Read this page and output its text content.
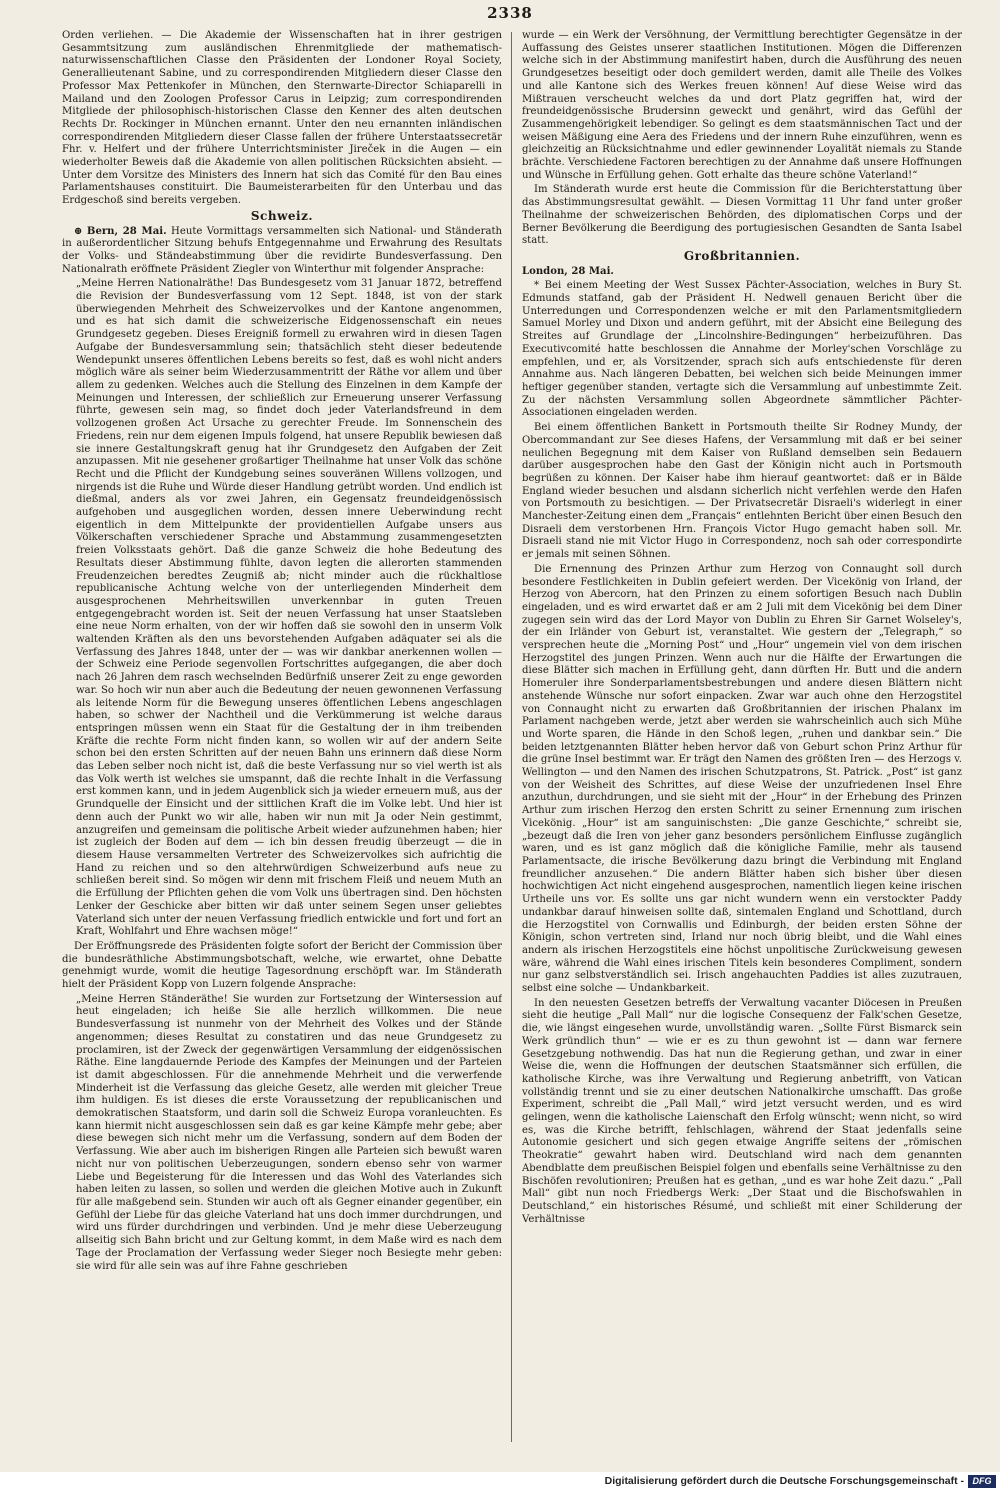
2338

Orden verliehen. — Die Akademie der Wissenschaften hat in ihrer gestrigen Gesammtsitzung zum ausländischen Ehrenmitgliede der mathematisch-naturwissenschaftlichen Classe den Präsidenten der Londoner Royal Society, Generallieutenant Sabine, und zu correspondirenden Mitgliedern dieser Classe den Professor Max Pettenkofer in München, den Sternwarte-Director Schiaparelli in Mailand und den Zoologen Professor Carus in Leipzig; zum correspondirenden Mitgliede der philosophisch-historischen Classe den Kenner des alten deutschen Rechts Dr. Rockinger in München ernannt. Unter den neu ernannten inländischen correspondirenden Mitgliedern dieser Classe fallen der frühere Unterstaatssecretär Fhr. v. Helfert und der frühere Unterrichtsminister Jireček in die Augen — ein wiederholter Beweis daß die Akademie von allen politischen Rücksichten absieht. — Unter dem Vorsitze des Ministers des Innern hat sich das Comité für den Bau eines Parlamentshauses constituirt. Die Baumeisterarbeiten für den Unterbau und das Erdgeschoß sind bereits vergeben.

Schweiz.

⊕ Bern, 28 Mai. Heute Vormittags versammelten sich National- und Ständerath in außerordentlicher Sitzung behufs Entgegennahme und Erwahrung des Resultats der Volks- und Ständeabstimmung über die revidirte Bundesverfassung. Den Nationalrath eröffnete Präsident Ziegler von Winterthur mit folgender Ansprache:

„Meine Herren Nationalräthe! Das Bundesgesetz vom 31 Januar 1872, betreffend die Revision der Bundesverfassung vom 12 Sept. 1848, ist von der stark überwiegenden Mehrheit des Schweizervolkes und der Kantone angenommen, und es hat sich damit die schweizerische Eidgenossenschaft ein neues Grundgesetz gegeben. Dieses Ereigniß formell zu erwahren wird in diesen Tagen Aufgabe der Bundesversammlung sein; thatsächlich steht dieser bedeutende Wendepunkt unseres öffentlichen Lebens bereits so fest, daß es wohl nicht anders möglich wäre als seiner beim Wiederzusammentritt der Räthe vor allem und über allem zu gedenken. Welches auch die Stellung des Einzelnen in dem Kampfe der Meinungen und Interessen, der schließlich zur Erneuerung unserer Verfassung führte, gewesen sein mag, so findet doch jeder Vaterlandsfreund in dem vollzogenen großen Act Ursache zu gerechter Freude. Im Sonnenschein des Friedens, rein nur dem eigenen Impuls folgend, hat unsere Republik bewiesen daß sie innere Gestaltungskraft genug hat ihr Grundgesetz den Aufgaben der Zeit anzupassen. Mit nie gesehener großartiger Theilnahme hat unser Volk das schöne Recht und die Pflicht der Kundgebung seines souveränen Willens vollzogen, und nirgends ist die Ruhe und Würde dieser Handlung getrübt worden. Und endlich ist dießmal, anders als vor zwei Jahren, ein Gegensatz freundeidgenössisch aufgehoben und ausgeglichen worden, dessen innere Ueberwindung recht eigentlich in dem Mittelpunkte der providentiellen Aufgabe unsers aus Völkerschaften verschiedener Sprache und Abstammung zusammengesetzten freien Volksstaats gehört. Daß die ganze Schweiz die hohe Bedeutung des Resultats dieser Abstimmung fühlte, davon legten die allerorten stammenden Freudenzeichen beredtes Zeugniß ab; nicht minder auch die rückhaltlose republicanische Achtung welche von der unterliegenden Minderheit dem ausgesprochenen Mehrheitswillen unverkennbar in guten Treuen entgegengebracht worden ist. Seit der neuen Verfassung hat unser Staatsleben eine neue Norm erhalten, von der wir hoffen daß sie sowohl den in unserm Volk waltenden Kräften als den uns bevorstehenden Aufgaben adäquater sei als die Verfassung des Jahres 1848, unter der — was wir dankbar anerkennen wollen — der Schweiz eine Periode segenvollen Fortschrittes aufgegangen, die aber doch nach 26 Jahren dem rasch wechselnden Bedürfniß unserer Zeit zu enge geworden war. So hoch wir nun aber auch die Bedeutung der neuen gewonnenen Verfassung als leitende Norm für die Bewegung unseres öffentlichen Lebens angeschlagen haben, so schwer der Nachtheil und die Verkümmerung ist welche daraus entspringen müssen wenn ein Staat für die Gestaltung der in ihm treibenden Kräfte die rechte Form nicht finden kann, so wollen wir auf der andern Seite schon bei den ersten Schritten auf der neuen Bahn uns erinnern daß diese Norm das Leben selber noch nicht ist, daß die beste Verfassung nur so viel werth ist als das Volk werth ist welches sie umspannt, daß die rechte Inhalt in die Verfassung erst kommen kann, und in jedem Augenblick sich ja wieder erneuern muß, aus der Grundquelle der Einsicht und der sittlichen Kraft die im Volke lebt. Und hier ist denn auch der Punkt wo wir alle, haben wir nun mit Ja oder Nein gestimmt, anzugreifen und gemeinsam die politische Arbeit wieder aufzunehmen haben; hier ist zugleich der Boden auf dem — ich bin dessen freudig überzeugt — die in diesem Hause versammelten Vertreter des Schweizervolkes sich aufrichtig die Hand zu reichen und so den altehrwürdigen Schweizerbund aufs neue zu schließen bereit sind. So mögen wir denn mit frischem Fleiß und neuem Muth an die Erfüllung der Pflichten gehen die vom Volk uns übertragen sind. Den höchsten Lenker der Geschicke aber bitten wir daß unter seinem Segen unser geliebtes Vaterland sich unter der neuen Verfassung friedlich entwickle und fort und fort an Kraft, Wohlfahrt und Ehre wachsen möge!“

Der Eröffnungsrede des Präsidenten folgte sofort der Bericht der Commission über die bundesräthliche Abstimmungsbotschaft, welche, wie erwartet, ohne Debatte genehmigt wurde, womit die heutige Tagesordnung erschöpft war. Im Ständerath hielt der Präsident Kopp von Luzern folgende Ansprache:

„Meine Herren Ständeräthe! Sie wurden zur Fortsetzung der Wintersession auf heut eingeladen; ich heiße Sie alle herzlich willkommen. Die neue Bundesverfassung ist nunmehr von der Mehrheit des Volkes und der Stände angenommen; dieses Resultat zu constatiren und das neue Grundgesetz zu proclamiren, ist der Zweck der gegenwärtigen Versammlung der eidgenössischen Räthe. Eine langdauernde Periode des Kampfes der Meinungen und der Parteien ist damit abgeschlossen. Für die annehmende Mehrheit und die verwerfende Minderheit ist die Verfassung das gleiche Gesetz, alle werden mit gleicher Treue ihm huldigen. Es ist dieses die erste Voraussetzung der republicanischen und demokratischen Staatsform, und darin soll die Schweiz Europa voranleuchten. Es kann hiermit nicht ausgeschlossen sein daß es gar keine Kämpfe mehr gebe; aber diese bewegen sich nicht mehr um die Verfassung, sondern auf dem Boden der Verfassung. Wie aber auch im bisherigen Ringen alle Parteien sich bewußt waren nicht nur von politischen Ueberzeugungen, sondern ebenso sehr von warmer Liebe und Begeisterung für die Interessen und das Wohl des Vaterlandes sich haben leiten zu lassen, so sollen und werden die gleichen Motive auch in Zukunft für alle maßgebend sein. Stunden wir auch oft als Gegner einander gegenüber, ein Gefühl der Liebe für das gleiche Vaterland hat uns doch immer durchdrungen, und wird uns fürder durchdringen und verbinden. Und je mehr diese Ueberzeugung allseitig sich Bahn bricht und zur Geltung kommt, in dem Maße wird es nach dem Tage der Proclamation der Verfassung weder Sieger noch Besiegte mehr geben: sie wird für alle sein was auf ihre Fahne geschrieben

wurde — ein Werk der Versöhnung, der Vermittlung berechtigter Gegensätze in der Auffassung des Geistes unserer staatlichen Institutionen. Mögen die Differenzen welche sich in der Abstimmung manifestirt haben, durch die Ausführung des neuen Grundgesetzes beseitigt oder doch gemildert werden, damit alle Theile des Volkes und alle Kantone sich des Werkes freuen können! Auf diese Weise wird das Mißtrauen verscheucht welches da und dort Platz gegriffen hat, wird der freundeidgenössische Brudersinn geweckt und genährt, wird das Gefühl der Zusammengehörigkeit lebendiger. So gelingt es dem staatsmännischen Tact und der weisen Mäßigung eine Aera des Friedens und der innern Ruhe einzuführen, wenn es gleichzeitig an Rücksichtnahme und edler gewinnender Loyalität niemals zu Stande brächte. Verschiedene Factoren berechtigen zu der Annahme daß unsere Hoffnungen und Wünsche in Erfüllung gehen. Gott erhalte das theure schöne Vaterland!“

Im Ständerath wurde erst heute die Commission für die Berichterstattung über das Abstimmungsresultat gewählt. — Diesen Vormittag 11 Uhr fand unter großer Theilnahme der schweizerischen Behörden, des diplomatischen Corps und der Berner Bevölkerung die Beerdigung des portugiesischen Gesandten de Santa Isabel statt.

Großbritannien.

London, 28 Mai.

* Bei einem Meeting der West Sussex Pächter-Association, welches in Bury St. Edmunds statfand, gab der Präsident H. Nedwell genauen Bericht über die Unterredungen und Correspondenzen welche er mit den Parlamentsmitgliedern Samuel Morley und Dixon und andern geführt, mit der Absicht eine Beilegung des Streites auf Grundlage der „Lincolnshire-Bedingungen“ herbeizuführen. Das Executivcomité hatte beschlossen die Annahme der Morley'schen Vorschläge zu empfehlen, und er, als Vorsitzender, sprach sich aufs entschiedenste für deren Annahme aus. Nach längeren Debatten, bei welchen sich beide Meinungen immer heftiger gegenüber standen, vertagte sich die Versammlung auf unbestimmte Zeit. Zu der nächsten Versammlung sollen Abgeordnete sämmtlicher Pächter-Associationen eingeladen werden.

Bei einem öffentlichen Bankett in Portsmouth theilte Sir Rodney Mundy, der Obercommandant zur See dieses Hafens, der Versammlung mit daß er bei seiner neulichen Begegnung mit dem Kaiser von Rußland demselben sein Bedauern darüber ausgesprochen habe den Gast der Königin nicht auch in Portsmouth begrüßen zu können. Der Kaiser habe ihm hierauf geantwortet: daß er in Bälde England wieder besuchen und alsdann sicherlich nicht verfehlen werde den Hafen von Portsmouth zu besichtigen. — Der Privatsecretär Disraeli's widerlegt in einer Manchester-Zeitung einen dem „Français“ entlehnten Bericht über einen Besuch den Disraeli dem verstorbenen Hrn. François Victor Hugo gemacht haben soll. Mr. Disraeli stand nie mit Victor Hugo in Correspondenz, noch sah oder correspondirte er jemals mit seinen Söhnen.

Die Ernennung des Prinzen Arthur zum Herzog von Connaught soll durch besondere Festlichkeiten in Dublin gefeiert werden. Der Vicekönig von Irland, der Herzog von Abercorn, hat den Prinzen zu einem sofortigen Besuch nach Dublin eingeladen, und es wird erwartet daß er am 2 Juli mit dem Vicekönig bei dem Diner zugegen sein wird das der Lord Mayor von Dublin zu Ehren Sir Garnet Wolseley's, der ein Irländer von Geburt ist, veranstaltet. Wie gestern der „Telegraph,“ so versprechen heute die „Morning Post“ und „Hour“ ungemein viel von dem irischen Herzogstitel des jungen Prinzen. Wenn auch nur die Hälfte der Erwartungen die diese Blätter sich machen in Erfüllung geht, dann dürften Hr. Butt und die andern Homeruler ihre Sonderparlamentsbestrebungen und andere diesen Blättern nicht anstehende Wünsche nur sofort einpacken. Zwar war auch ohne den Herzogstitel von Connaught nicht zu erwarten daß Großbritannien der irischen Phalanx im Parlament nachgeben werde, jetzt aber werden sie wahrscheinlich auch sich Mühe und Worte sparen, die Hände in den Schoß legen, „ruhen und dankbar sein.“ Die beiden letztgenannten Blätter heben hervor daß von Geburt schon Prinz Arthur für die grüne Insel bestimmt war. Er trägt den Namen des größten Iren — des Herzogs v. Wellington — und den Namen des irischen Schutzpatrons, St. Patrick. „Post“ ist ganz von der Weisheit des Schrittes, auf diese Weise der unzufriedenen Insel Ehre anzuthun, durchdrungen, und sie sieht mit der „Hour“ in der Erhebung des Prinzen Arthur zum irischen Herzog den ersten Schritt zu seiner Ernennung zum irischen Vicekönig. „Hour“ ist am sanguinischsten: „Die ganze Geschichte,“ schreibt sie, „bezeugt daß die Iren von jeher ganz besonders persönlichem Einflusse zugänglich waren, und es ist ganz möglich daß die königliche Familie, mehr als tausend Parlamentsacte, die irische Bevölkerung dazu bringt die Verbindung mit England freundlicher anzusehen.“ Die andern Blätter haben sich bisher über diesen hochwichtigen Act nicht eingehend ausgesprochen, namentlich liegen keine irischen Urtheile uns vor. Es sollte uns gar nicht wundern wenn ein verstockter Paddy undankbar darauf hinweisen sollte daß, sintemalen England und Schottland, durch die Herzogstitel von Cornwallis und Edinburgh, der beiden ersten Söhne der Königin, schon vertreten sind, Irland nur noch übrig bleibt, und die Wahl eines andern als irischen Herzogstitels eine höchst unpolitische Zurückweisung gewesen wäre, während die Wahl eines irischen Titels kein besonderes Compliment, sondern nur ganz selbstverständlich sei. Irisch angehauchten Paddies ist alles zuzutrauen, selbst eine solche — Undankbarkeit.

In den neuesten Gesetzen betreffs der Verwaltung vacanter Diöcesen in Preußen sieht die heutige „Pall Mall“ nur die logische Consequenz der Falk'schen Gesetze, die, wie längst eingesehen wurde, unvollständig waren. „Sollte Fürst Bismarck sein Werk gründlich thun“ — wie er es zu thun gewohnt ist — dann war fernere Gesetzgebung nothwendig. Das hat nun die Regierung gethan, und zwar in einer Weise die, wenn die Hoffnungen der deutschen Staatsmänner sich erfüllen, die katholische Kirche, was ihre Verwaltung und Regierung anbetrifft, von Vatican vollständig trennt und sie zu einer deutschen Nationalkirche umschafft. Das große Experiment, schreibt die „Pall Mall,“ wird jetzt versucht werden, und es wird gelingen, wenn die katholische Laienschaft den Erfolg wünscht; wenn nicht, so wird es, was die Kirche betrifft, fehlschlagen, während der Staat jedenfalls seine Autonomie gesichert und sich gegen etwaige Angriffe seitens der „römischen Theokratie“ gewahrt haben wird. Deutschland wird nach dem genannten Abendblatte dem preußischen Beispiel folgen und ebenfalls seine Verhältnisse zu den Bischöfen revolutioniren; Preußen hat es gethan, „und es war hohe Zeit dazu.“ „Pall Mall“ gibt nun noch Friedbergs Werk: „Der Staat und die Bischofswahlen in Deutschland,“ ein historisches Résumé, und schließt mit einer Schilderung der Verhältnisse

Digitalisierung gefördert durch die Deutsche Forschungsgemeinschaft - DFG
